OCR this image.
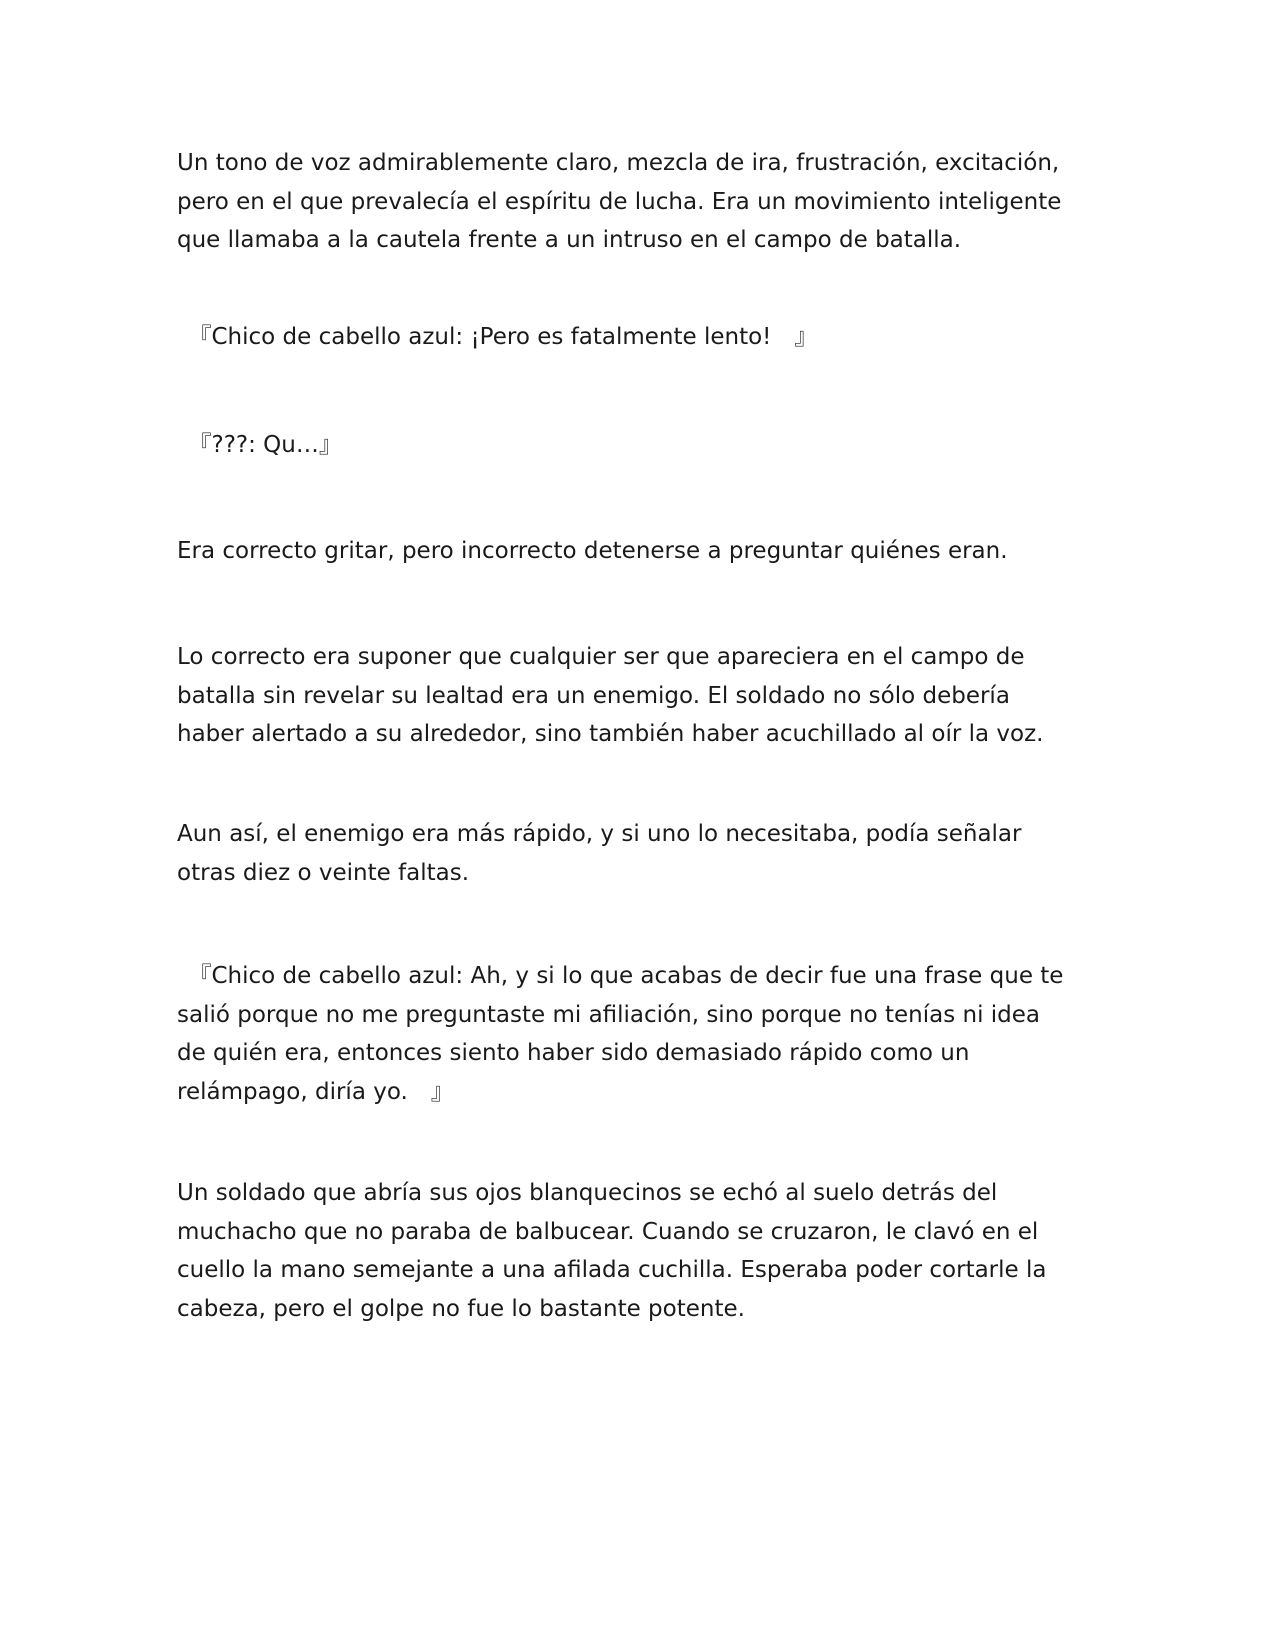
Un tono de voz admirablemente claro, mezcla de ira, frustración, excitación,
pero en el que prevalecía el espíritu de lucha. Era un movimiento inteligente
que llamaba a la cautela frente a un intruso en el campo de batalla.

　『Chico de cabello azul: ¡Pero es fatalmente lento!　』

　『???: Qu…』

Era correcto gritar, pero incorrecto detenerse a preguntar quiénes eran.

Lo correcto era suponer que cualquier ser que apareciera en el campo de
batalla sin revelar su lealtad era un enemigo. El soldado no sólo debería
haber alertado a su alrededor, sino también haber acuchillado al oír la voz.

Aun así, el enemigo era más rápido, y si uno lo necesitaba, podía señalar
otras diez o veinte faltas.

　『Chico de cabello azul: Ah, y si lo que acabas de decir fue una frase que te
salió porque no me preguntaste mi afiliación, sino porque no tenías ni idea
de quién era, entonces siento haber sido demasiado rápido como un
relámpago, diría yo.　』

Un soldado que abría sus ojos blanquecinos se echó al suelo detrás del
muchacho que no paraba de balbucear. Cuando se cruzaron, le clavó en el
cuello la mano semejante a una afilada cuchilla. Esperaba poder cortarle la
cabeza, pero el golpe no fue lo bastante potente.
